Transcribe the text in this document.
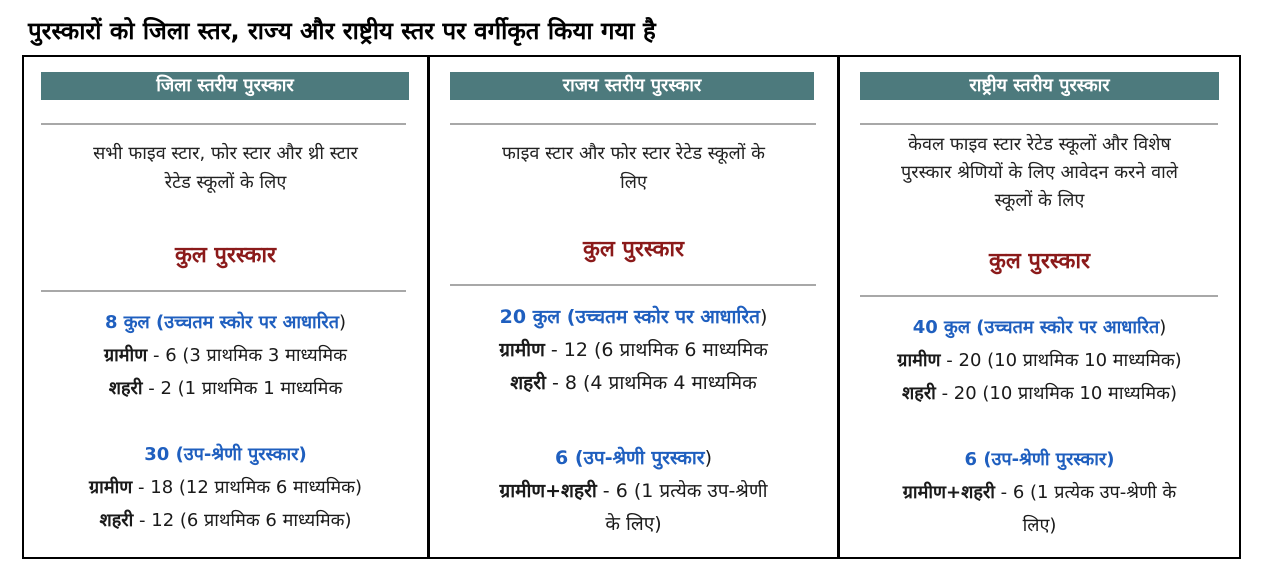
पुरस्कारों को जिला स्तर, राज्य और राष्ट्रीय स्तर पर वर्गीकृत किया गया है
जिला स्तरीय पुरस्कार
सभी फाइव स्टार, फोर स्टार और थ्री स्टार
रेटेड स्कूलों के लिए
कुल पुरस्कार
8 कुल (उच्चतम स्कोर पर आधारित)
ग्रामीण - 6 (3 प्राथमिक 3 माध्यमिक
शहरी - 2 (1 प्राथमिक 1 माध्यमिक
30 (उप-श्रेणी पुरस्कार)
ग्रामीण - 18 (12 प्राथमिक 6 माध्यमिक)
शहरी - 12 (6 प्राथमिक 6 माध्यमिक)
राजय स्तरीय पुरस्कार
फाइव स्टार और फोर स्टार रेटेड स्कूलों के
लिए
कुल पुरस्कार
20 कुल (उच्चतम स्कोर पर आधारित)
ग्रामीण - 12 (6 प्राथमिक 6 माध्यमिक
शहरी - 8 (4 प्राथमिक 4 माध्यमिक
6 (उप-श्रेणी पुरस्कार)
ग्रामीण+शहरी - 6 (1 प्रत्येक उप-श्रेणी
के लिए)
राष्ट्रीय स्तरीय पुरस्कार
केवल फाइव स्टार रेटेड स्कूलों और विशेष
पुरस्कार श्रेणियों के लिए आवेदन करने वाले
स्कूलों के लिए
कुल पुरस्कार
40 कुल (उच्चतम स्कोर पर आधारित)
ग्रामीण - 20 (10 प्राथमिक 10 माध्यमिक)
शहरी - 20 (10 प्राथमिक 10 माध्यमिक)
6 (उप-श्रेणी पुरस्कार)
ग्रामीण+शहरी - 6 (1 प्रत्येक उप-श्रेणी के
लिए)
